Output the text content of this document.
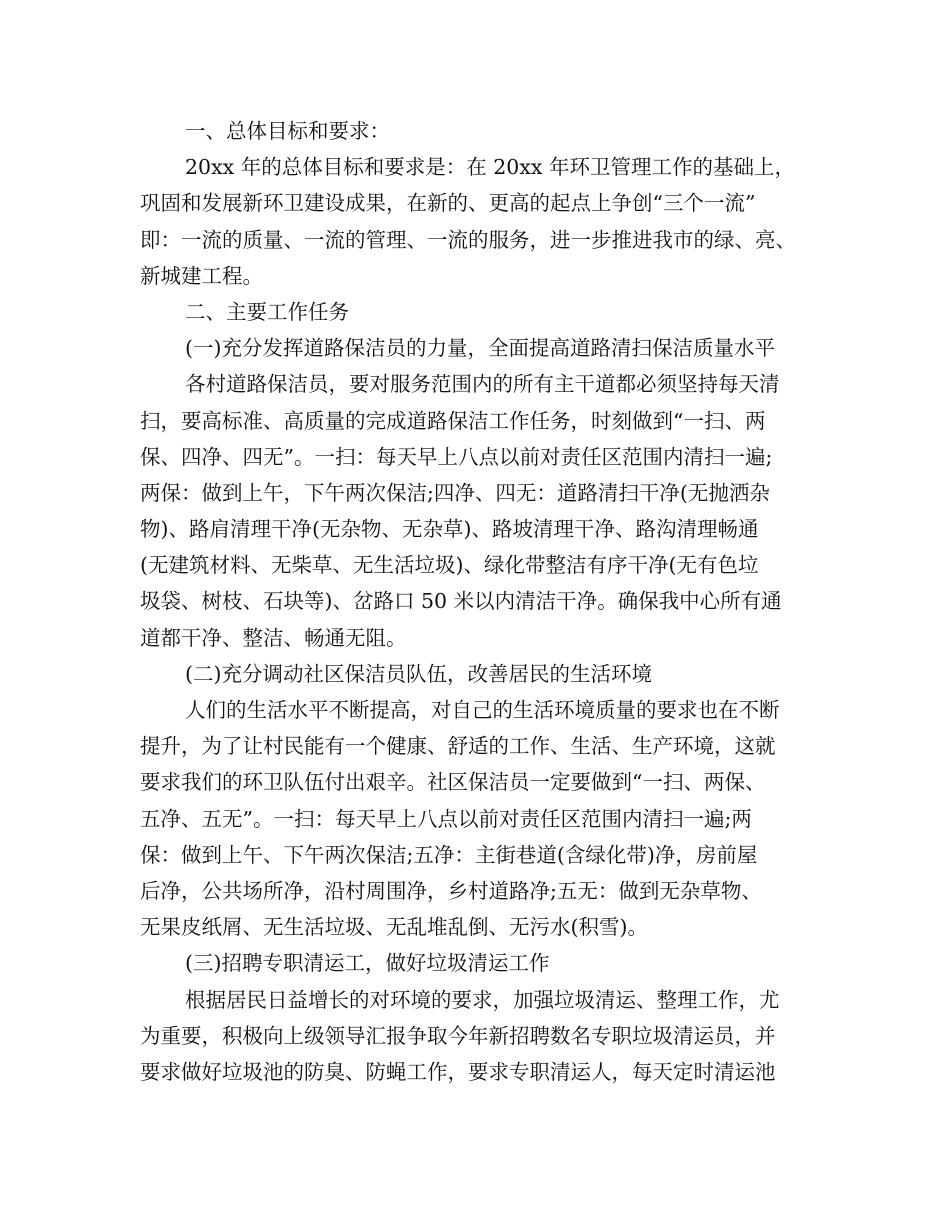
一、总体目标和要求：
20xx 年的总体目标和要求是：在 20xx 年环卫管理工作的基础上，
巩固和发展新环卫建设成果，在新的、更高的起点上争创“三个一流”
即：一流的质量、一流的管理、一流的服务，进一步推进我市的绿、亮、
新城建工程。
二、主要工作任务
(一)充分发挥道路保洁员的力量，全面提高道路清扫保洁质量水平
各村道路保洁员，要对服务范围内的所有主干道都必须坚持每天清
扫，要高标准、高质量的完成道路保洁工作任务，时刻做到“一扫、两
保、四净、四无”。一扫：每天早上八点以前对责任区范围内清扫一遍;
两保：做到上午，下午两次保洁;四净、四无：道路清扫干净(无抛洒杂
物)、路肩清理干净(无杂物、无杂草)、路坡清理干净、路沟清理畅通
(无建筑材料、无柴草、无生活垃圾)、绿化带整洁有序干净(无有色垃
圾袋、树枝、石块等)、岔路口 50 米以内清洁干净。确保我中心所有通
道都干净、整洁、畅通无阻。
(二)充分调动社区保洁员队伍，改善居民的生活环境
人们的生活水平不断提高，对自己的生活环境质量的要求也在不断
提升，为了让村民能有一个健康、舒适的工作、生活、生产环境，这就
要求我们的环卫队伍付出艰辛。社区保洁员一定要做到“一扫、两保、
五净、五无”。一扫：每天早上八点以前对责任区范围内清扫一遍;两
保：做到上午、下午两次保洁;五净：主街巷道(含绿化带)净，房前屋
后净，公共场所净，沿村周围净，乡村道路净;五无：做到无杂草物、
无果皮纸屑、无生活垃圾、无乱堆乱倒、无污水(积雪)。
(三)招聘专职清运工，做好垃圾清运工作
根据居民日益增长的对环境的要求，加强垃圾清运、整理工作，尤
为重要，积极向上级领导汇报争取今年新招聘数名专职垃圾清运员，并
要求做好垃圾池的防臭、防蝇工作，要求专职清运人，每天定时清运池
